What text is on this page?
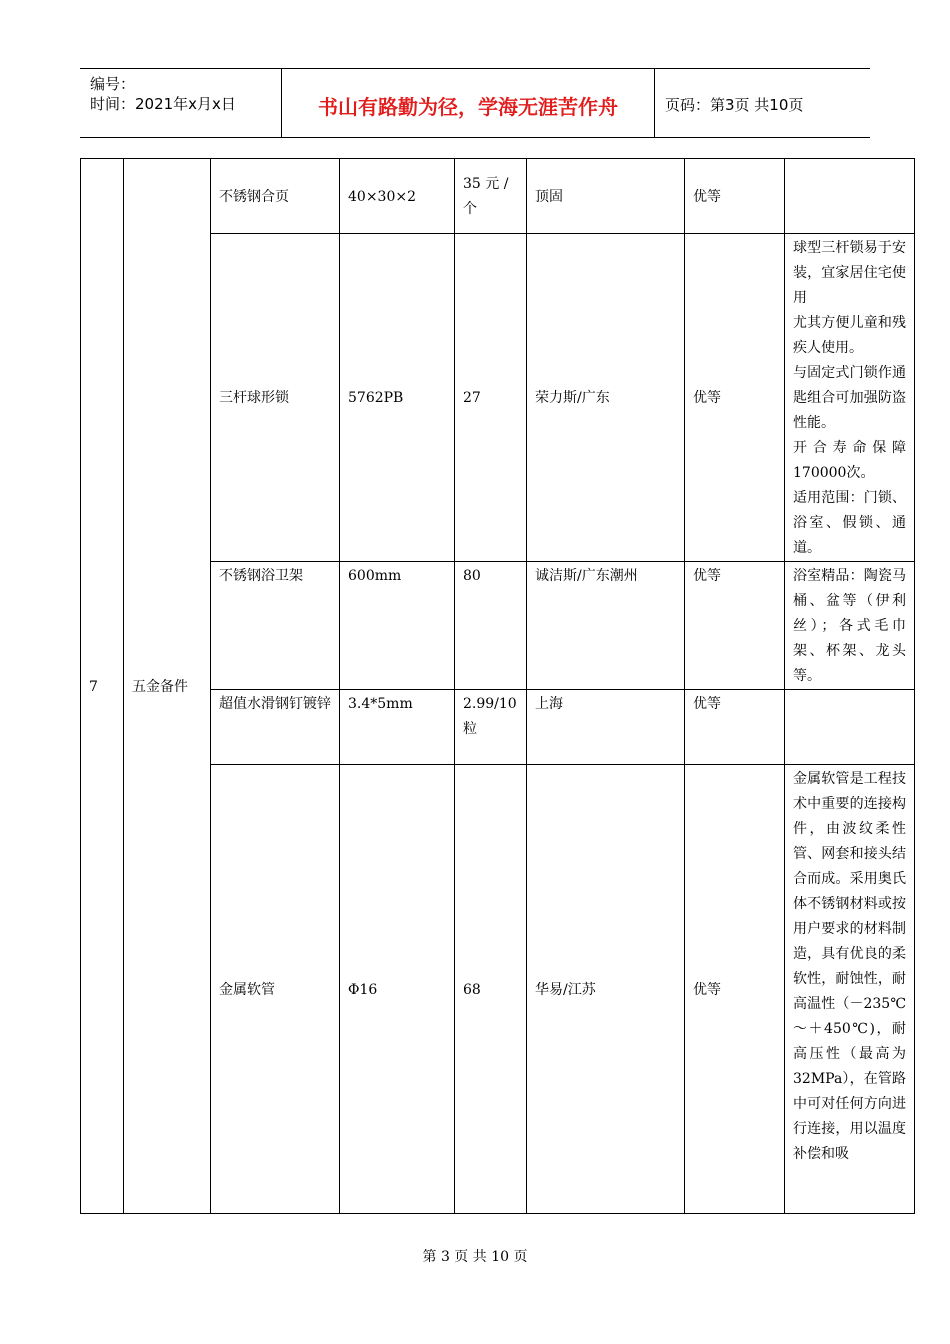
编号：
时间：2021年x月x日	书山有路勤为径，学海无涯苦作舟	页码：第3页 共10页
7	五金备件	不锈钢合页	40×30×2	35 元 / 个	顶固	优等	

		三杆球形锁	5762PB	27	荣力斯/广东	优等	球型三杆锁易于安装，宜家居住宅使用
尤其方便儿童和残疾人使用。
与固定式门锁作通匙组合可加强防盗性能。
开合寿命保障170000次。
适用范围：门锁、浴室、假锁、通道。

		不锈钢浴卫架	600mm	80	诚洁斯/广东潮州	优等	浴室精品：陶瓷马桶、盆等（伊利丝）；各式毛巾架、杯架、龙头等。

		超值水滑钢钉镀锌	3.4*5mm	2.99/10粒	上海	优等	

		金属软管	Φ16	68	华易/江苏	优等	金属软管是工程技术中重要的连接构件，由波纹柔性管、网套和接头结合而成。采用奥氏体不锈钢材料或按用户要求的材料制造，具有优良的柔软性，耐蚀性，耐高温性（－235℃ ～＋450℃)，耐高压性（最高为32MPa），在管路中可对任何方向进行连接，用以温度补偿和吸
第 3 页 共 10 页
